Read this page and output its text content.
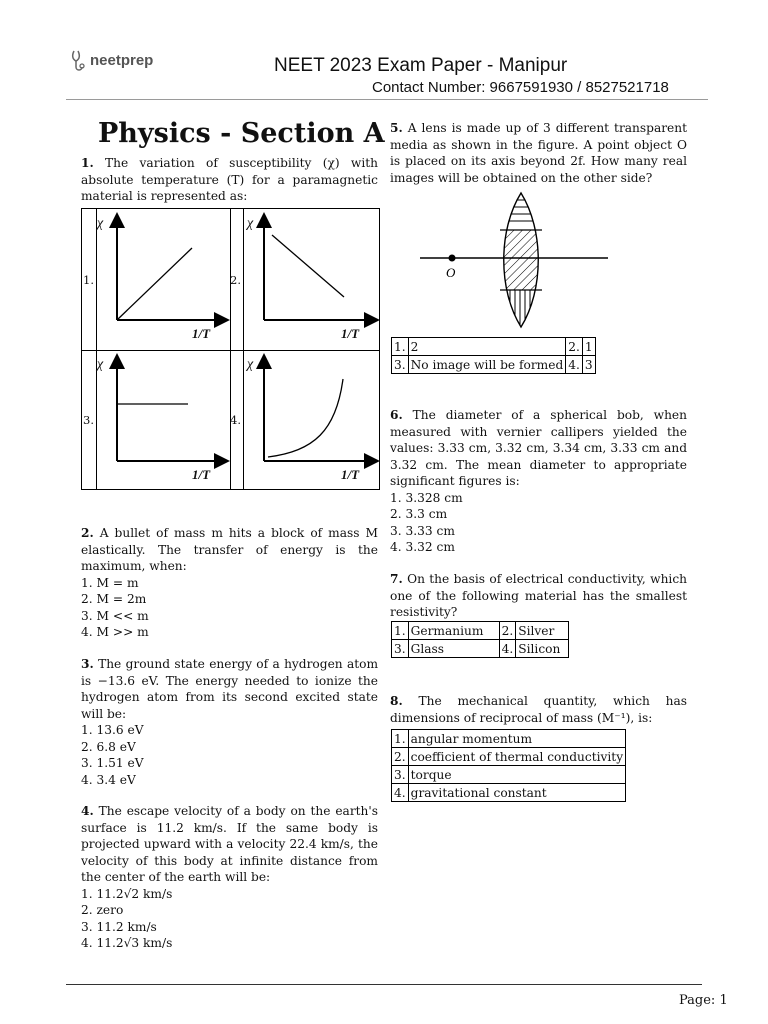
neetprep	NEET 2023 Exam Paper - Manipur
Contact Number: 9667591930 / 8527521718
Physics - Section A
1. The variation of susceptibility (χ) with absolute temperature (T) for a paramagnetic material is represented as:
1.	2.
3.	4.
χ	χ
χ	χ
1/T	1/T
1/T	1/T
2. A bullet of mass m hits a block of mass M elastically. The transfer of energy is the maximum, when:
1. M = m
2. M = 2m
3. M << m
4. M >> m
3. The ground state energy of a hydrogen atom is −13.6 eV. The energy needed to ionize the hydrogen atom from its second excited state will be:
1. 13.6 eV
2. 6.8 eV
3. 1.51 eV
4. 3.4 eV
4. The escape velocity of a body on the earth's surface is 11.2 km/s. If the same body is projected upward with a velocity 22.4 km/s, the velocity of this body at infinite distance from the center of the earth will be:
1. 11.2√2 km/s
2. zero
3. 11.2 km/s
4. 11.2√3 km/s
5. A lens is made up of 3 different transparent media as shown in the figure. A point object O is placed on its axis beyond 2f. How many real images will be obtained on the other side?
O
1.	2	2.	1
3.	No image will be formed	4.	3
6. The diameter of a spherical bob, when measured with vernier callipers yielded the values: 3.33 cm, 3.32 cm, 3.34 cm, 3.33 cm and 3.32 cm. The mean diameter to appropriate significant figures is:
1. 3.328 cm
2. 3.3 cm
3. 3.33 cm
4. 3.32 cm
7. On the basis of electrical conductivity, which one of the following material has the smallest resistivity?
1.	Germanium	2.	Silver
3.	Glass	4.	Silicon
8. The mechanical quantity, which has dimensions of reciprocal of mass (M⁻¹), is:
1.	angular momentum
2.	coefficient of thermal conductivity
3.	torque
4.	gravitational constant
Page: 1
